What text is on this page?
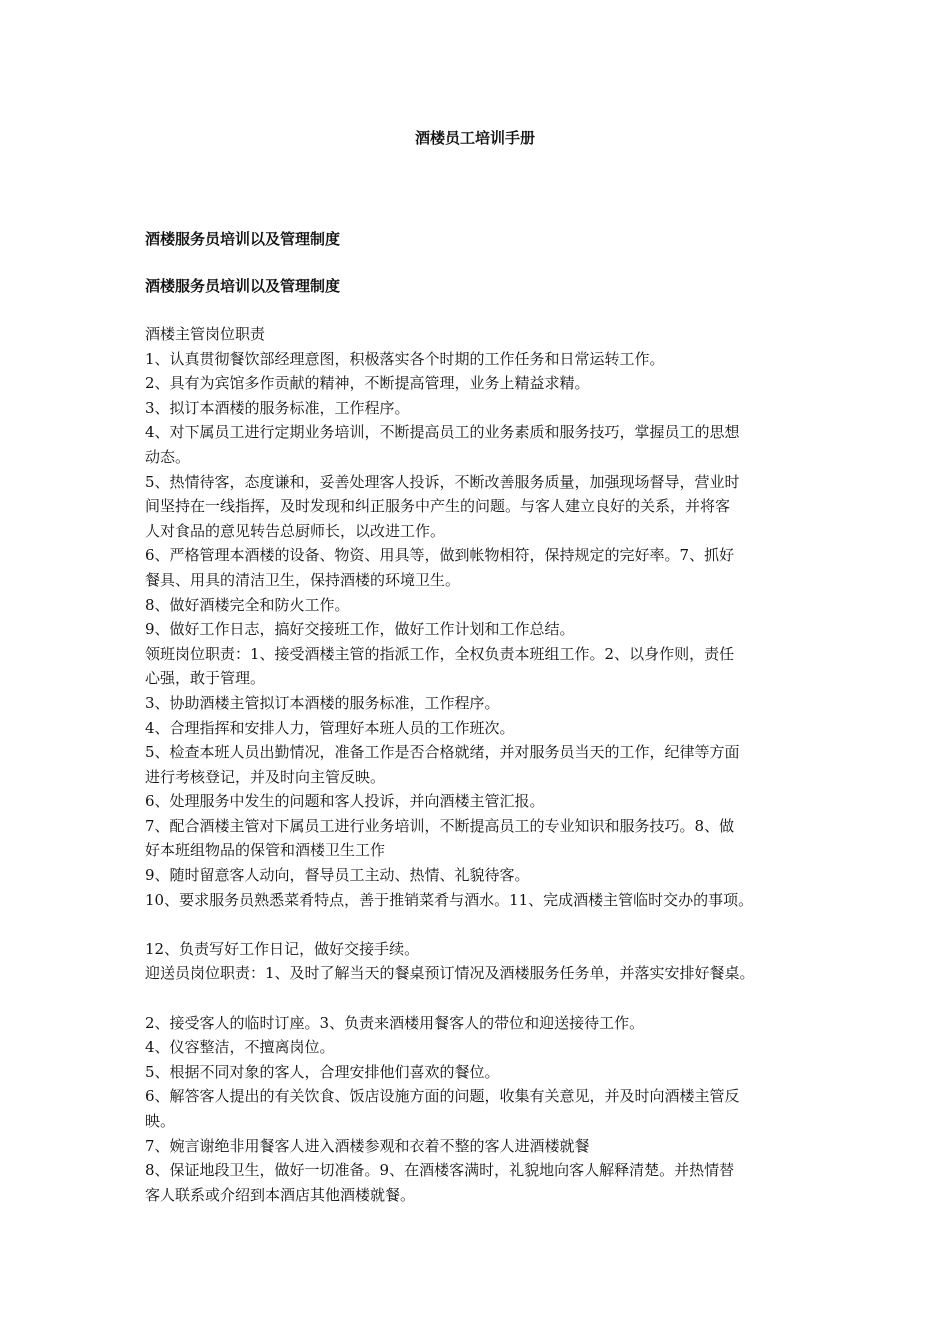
酒楼员工培训手册
酒楼服务员培训以及管理制度
酒楼服务员培训以及管理制度
酒楼主管岗位职责
1、认真贯彻餐饮部经理意图，积极落实各个时期的工作任务和日常运转工作。
2、具有为宾馆多作贡献的精神，不断提高管理，业务上精益求精。
3、拟订本酒楼的服务标准，工作程序。
4、对下属员工进行定期业务培训，不断提高员工的业务素质和服务技巧，掌握员工的思想
动态。
5、热情待客，态度谦和，妥善处理客人投诉，不断改善服务质量，加强现场督导，营业时
间坚持在一线指挥，及时发现和纠正服务中产生的问题。与客人建立良好的关系，并将客
人对食品的意见转告总厨师长，以改进工作。
6、严格管理本酒楼的设备、物资、用具等，做到帐物相符，保持规定的完好率。7、抓好
餐具、用具的清洁卫生，保持酒楼的环境卫生。
8、做好酒楼完全和防火工作。
9、做好工作日志，搞好交接班工作，做好工作计划和工作总结。
领班岗位职责：1、接受酒楼主管的指派工作，全权负责本班组工作。2、以身作则，责任
心强，敢于管理。
3、协助酒楼主管拟订本酒楼的服务标准，工作程序。
4、合理指挥和安排人力，管理好本班人员的工作班次。
5、检查本班人员出勤情况，准备工作是否合格就绪，并对服务员当天的工作，纪律等方面
进行考核登记，并及时向主管反映。
6、处理服务中发生的问题和客人投诉，并向酒楼主管汇报。
7、配合酒楼主管对下属员工进行业务培训，不断提高员工的专业知识和服务技巧。8、做
好本班组物品的保管和酒楼卫生工作
9、随时留意客人动向，督导员工主动、热情、礼貌待客。
10、要求服务员熟悉菜肴特点，善于推销菜肴与酒水。11、完成酒楼主管临时交办的事项。
12、负责写好工作日记，做好交接手续。
迎送员岗位职责：1、及时了解当天的餐桌预订情况及酒楼服务任务单，并落实安排好餐桌。
2、接受客人的临时订座。3、负责来酒楼用餐客人的带位和迎送接待工作。
4、仪容整洁，不擅离岗位。
5、根据不同对象的客人，合理安排他们喜欢的餐位。
6、解答客人提出的有关饮食、饭店设施方面的问题，收集有关意见，并及时向酒楼主管反
映。
7、婉言谢绝非用餐客人进入酒楼参观和衣着不整的客人进酒楼就餐
8、保证地段卫生，做好一切准备。9、在酒楼客满时，礼貌地向客人解释清楚。并热情替
客人联系或介绍到本酒店其他酒楼就餐。
